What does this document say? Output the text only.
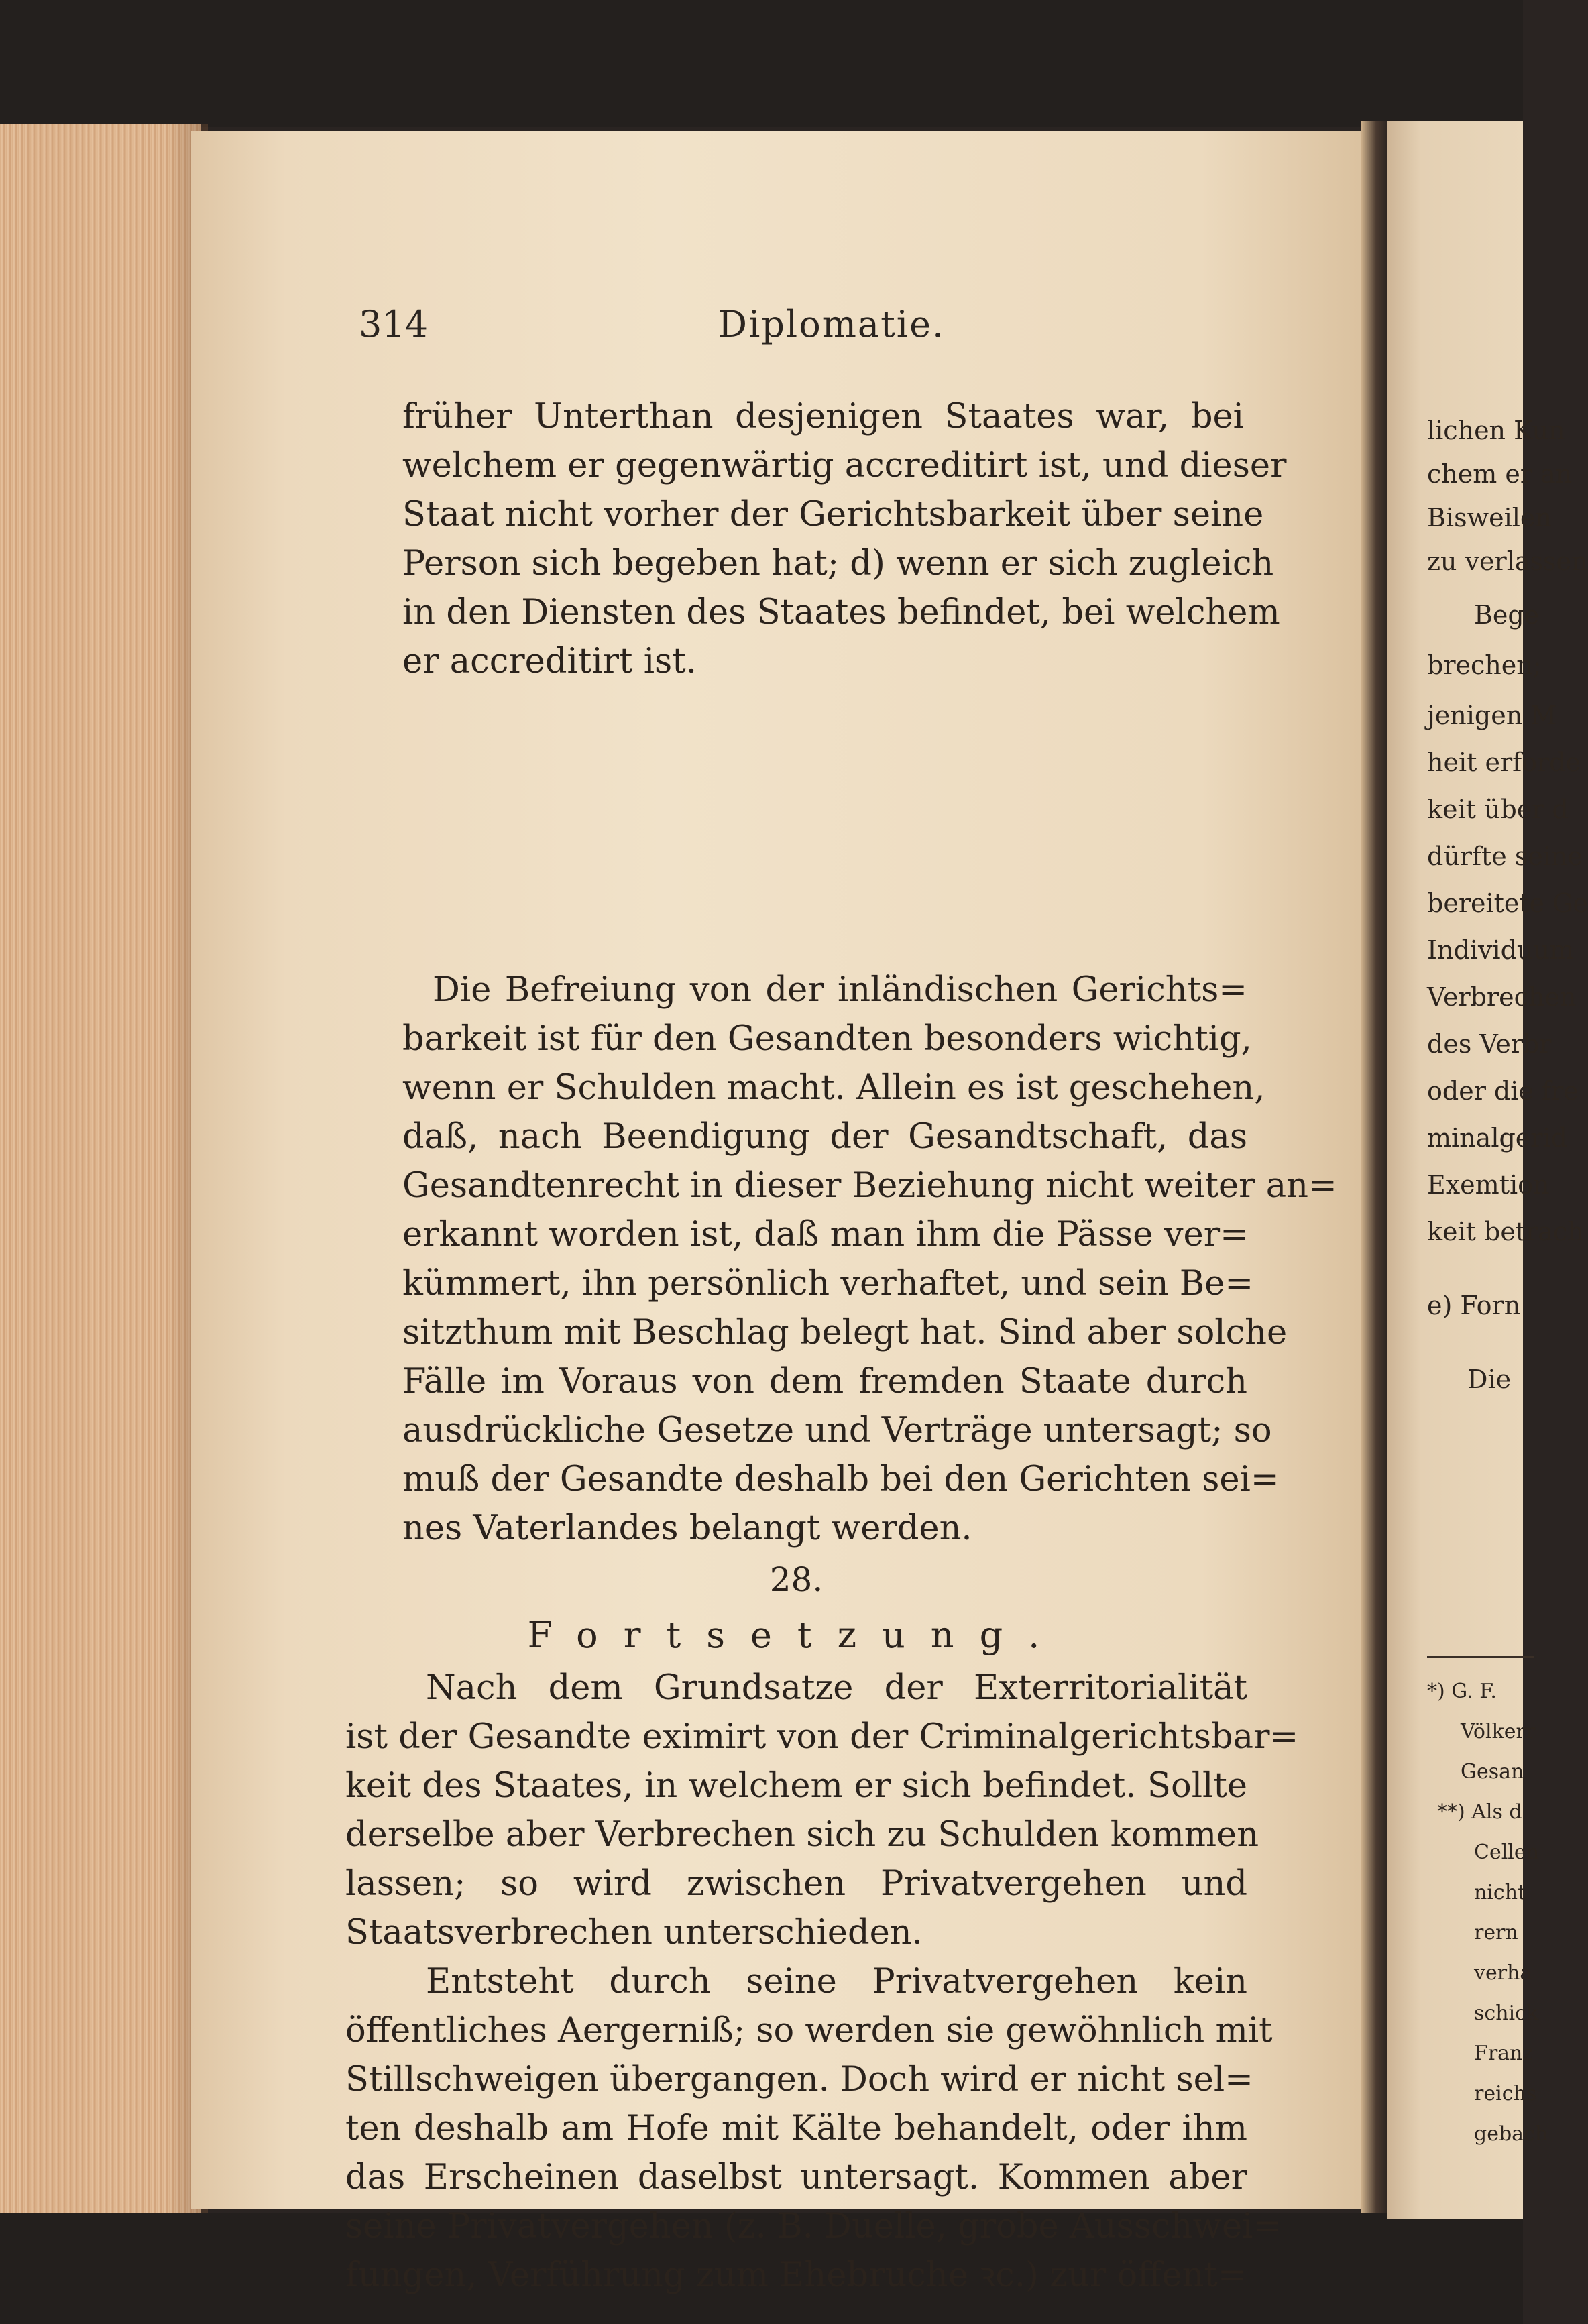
314	Diplomatie.
früher Unterthan desjenigen Staates war, bei
welchem er gegenwärtig accreditirt ist, und dieser
Staat nicht vorher der Gerichtsbarkeit über seine
Person sich begeben hat; d) wenn er sich zugleich
in den Diensten des Staates befindet, bei welchem
er accreditirt ist.
Die Befreiung von der inländischen Gerichts=
barkeit ist für den Gesandten besonders wichtig,
wenn er Schulden macht. Allein es ist geschehen,
daß, nach Beendigung der Gesandtschaft, das
Gesandtenrecht in dieser Beziehung nicht weiter an=
erkannt worden ist, daß man ihm die Pässe ver=
kümmert, ihn persönlich verhaftet, und sein Be=
sitzthum mit Beschlag belegt hat. Sind aber solche
Fälle im Voraus von dem fremden Staate durch
ausdrückliche Gesetze und Verträge untersagt; so
muß der Gesandte deshalb bei den Gerichten sei=
nes Vaterlandes belangt werden.
28.
Fortsetzung.
Nach dem Grundsatze der Exterritorialität
ist der Gesandte eximirt von der Criminalgerichtsbar=
keit des Staates, in welchem er sich befindet. Sollte
derselbe aber Verbrechen sich zu Schulden kommen
lassen; so wird zwischen Privatvergehen und
Staatsverbrechen unterschieden.
Entsteht durch seine Privatvergehen kein
öffentliches Aergerniß; so werden sie gewöhnlich mit
Stillschweigen übergangen. Doch wird er nicht sel=
ten deshalb am Hofe mit Kälte behandelt, oder ihm
das Erscheinen daselbst untersagt. Kommen aber
seine Privatvergehen (z. B. Duelle, grobe Ausschwei=
fungen, Verführung zum Ehebruche ꝛc.) zur öffent=
lichen Kun
chem er an
Bisweilen
zu verlassen
Bege
brechen;
jenigen M
heit erforde
keit über d
dürfte seine
bereitete Ge
Individuum
Verbrechen
des Verbr
oder die fre
minalgerid
Exemtion
keit betrach
e) Forn
Die
*) G. F.
Völkerr
Gesan
**) Als d
Cellen
nicht
rern
verha
schick
Franz
reichs
gebach
